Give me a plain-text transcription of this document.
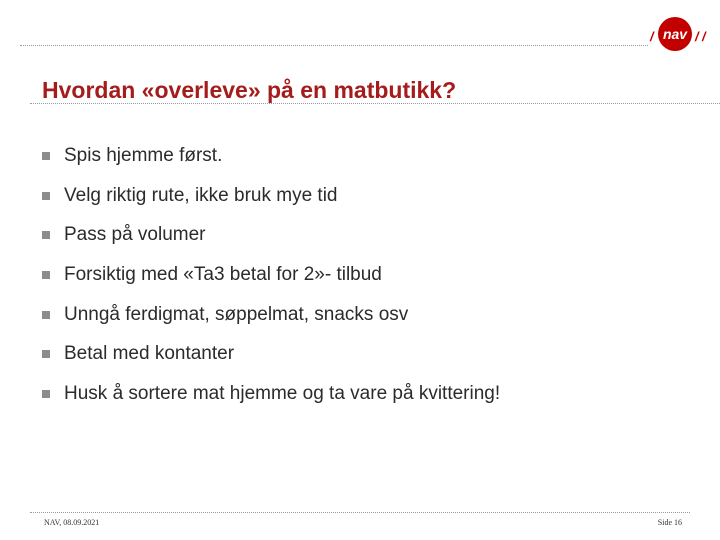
/ nav / /
Hvordan «overleve» på en matbutikk?
Spis hjemme først.
Velg riktig rute, ikke bruk mye tid
Pass på volumer
Forsiktig med «Ta3 betal for 2»- tilbud
Unngå ferdigmat, søppelmat, snacks osv
Betal med kontanter
Husk å sortere mat hjemme og ta vare på kvittering!
NAV, 08.09.2021	Side 16
